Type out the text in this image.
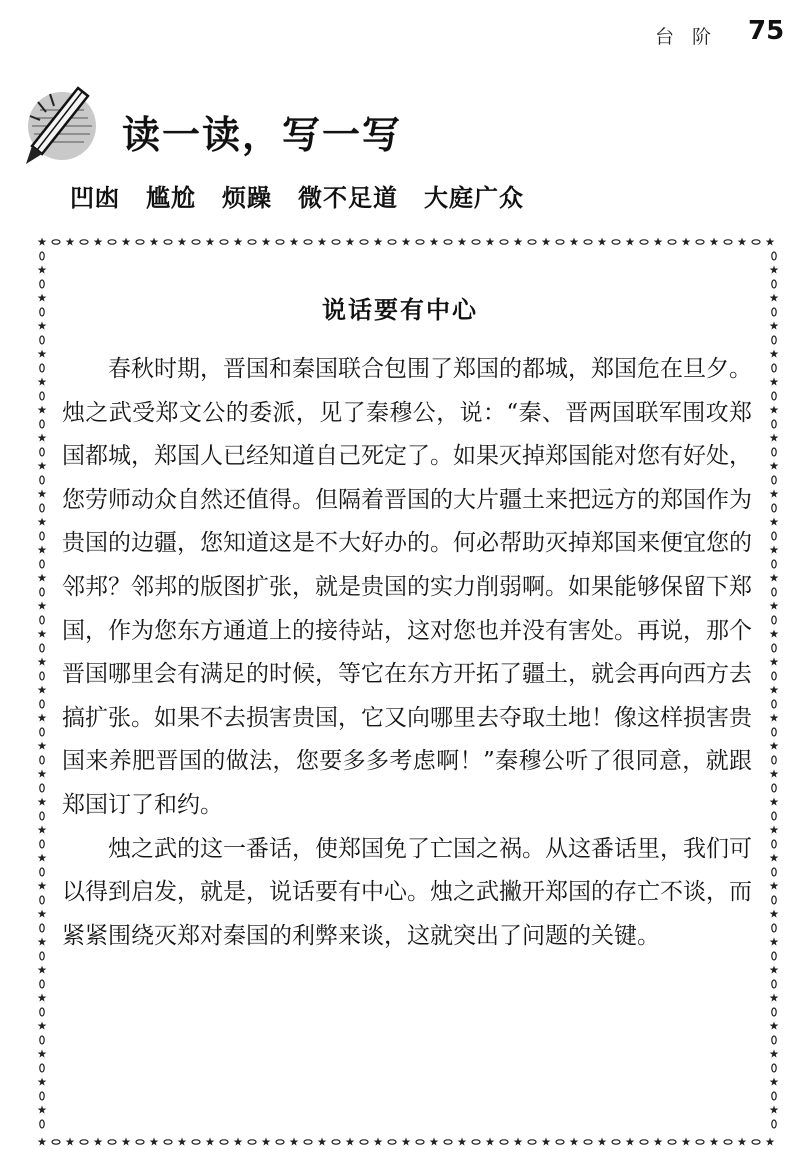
台 阶 75
读一读，写一写
凹凼 尴尬 烦躁 微不足道 大庭广众
说话要有中心

春秋时期，晋国和秦国联合包围了郑国的都城，郑国危在旦夕。烛之武受郑文公的委派，见了秦穆公，说：“秦、晋两国联军围攻郑国都城，郑国人已经知道自己死定了。如果灭掉郑国能对您有好处，您劳师动众自然还值得。但隔着晋国的大片疆土来把远方的郑国作为贵国的边疆，您知道这是不大好办的。何必帮助灭掉郑国来便宜您的邻邦？邻邦的版图扩张，就是贵国的实力削弱啊。如果能够保留下郑国，作为您东方通道上的接待站，这对您也并没有害处。再说，那个晋国哪里会有满足的时候，等它在东方开拓了疆土，就会再向西方去搞扩张。如果不去损害贵国，它又向哪里去夺取土地！像这样损害贵国来养肥晋国的做法，您要多多考虑啊！”秦穆公听了很同意，就跟郑国订了和约。

烛之武的这一番话，使郑国免了亡国之祸。从这番话里，我们可以得到启发，就是，说话要有中心。烛之武撇开郑国的存亡不谈，而紧紧围绕灭郑对秦国的利弊来谈，这就突出了问题的关键。
